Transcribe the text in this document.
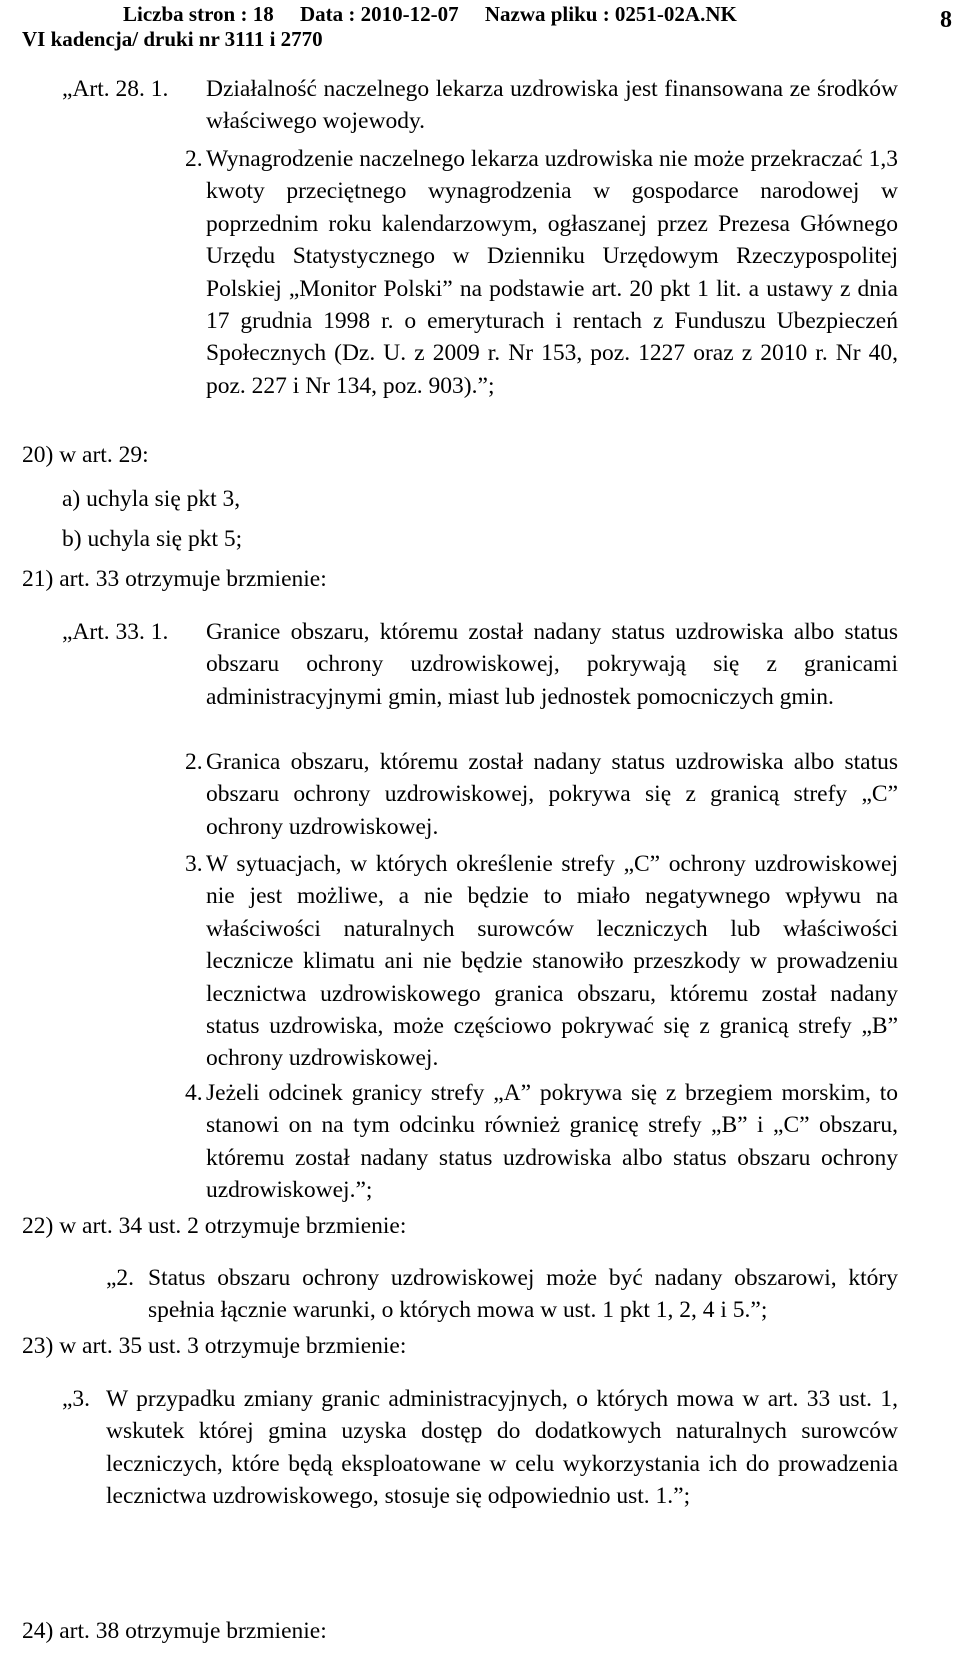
Liczba stron : 18     Data : 2010-12-07     Nazwa pliku : 0251-02A.NK
VI kadencja/ druki nr 3111 i 2770
8
„Art. 28. 1. Działalność naczelnego lekarza uzdrowiska jest finansowana ze środków właściwego wojewody.
2. Wynagrodzenie naczelnego lekarza uzdrowiska nie może przekraczać 1,3 kwoty przeciętnego wynagrodzenia w gospodarce narodowej w poprzednim roku kalendarzowym, ogłaszanej przez Prezesa Głównego Urzędu Statystycznego w Dzienniku Urzędowym Rzeczypospolitej Polskiej „Monitor Polski” na podstawie art. 20 pkt 1 lit. a ustawy z dnia 17 grudnia 1998 r. o emeryturach i rentach z Funduszu Ubezpieczeń Społecznych (Dz. U. z 2009 r. Nr 153, poz. 1227 oraz z 2010 r. Nr 40, poz. 227 i Nr 134, poz. 903).”;
20) w art. 29:
a) uchyla się pkt 3,
b) uchyla się pkt 5;
21) art. 33 otrzymuje brzmienie:
„Art. 33. 1. Granice obszaru, któremu został nadany status uzdrowiska albo status obszaru ochrony uzdrowiskowej, pokrywają się z granicami administracyjnymi gmin, miast lub jednostek pomocniczych gmin.
2. Granica obszaru, któremu został nadany status uzdrowiska albo status obszaru ochrony uzdrowiskowej, pokrywa się z granicą strefy „C” ochrony uzdrowiskowej.
3. W sytuacjach, w których określenie strefy „C” ochrony uzdrowiskowej nie jest możliwe, a nie będzie to miało negatywnego wpływu na właściwości naturalnych surowców leczniczych lub właściwości lecznicze klimatu ani nie będzie stanowiło przeszkody w prowadzeniu lecznictwa uzdrowiskowego granica obszaru, któremu został nadany status uzdrowiska, może częściowo pokrywać się z granicą strefy „B” ochrony uzdrowiskowej.
4. Jeżeli odcinek granicy strefy „A” pokrywa się z brzegiem morskim, to stanowi on na tym odcinku również granicę strefy „B” i „C” obszaru, któremu został nadany status uzdrowiska albo status obszaru ochrony uzdrowiskowej.”;
22) w art. 34 ust. 2 otrzymuje brzmienie:
„2. Status obszaru ochrony uzdrowiskowej może być nadany obszarowi, który spełnia łącznie warunki, o których mowa w ust. 1 pkt 1, 2, 4 i 5.”;
23) w art. 35 ust. 3 otrzymuje brzmienie:
„3. W przypadku zmiany granic administracyjnych, o których mowa w art. 33 ust. 1, wskutek której gmina uzyska dostęp do dodatkowych naturalnych surowców leczniczych, które będą eksploatowane w celu wykorzystania ich do prowadzenia lecznictwa uzdrowiskowego, stosuje się odpowiednio ust. 1.”;
24) art. 38 otrzymuje brzmienie:
